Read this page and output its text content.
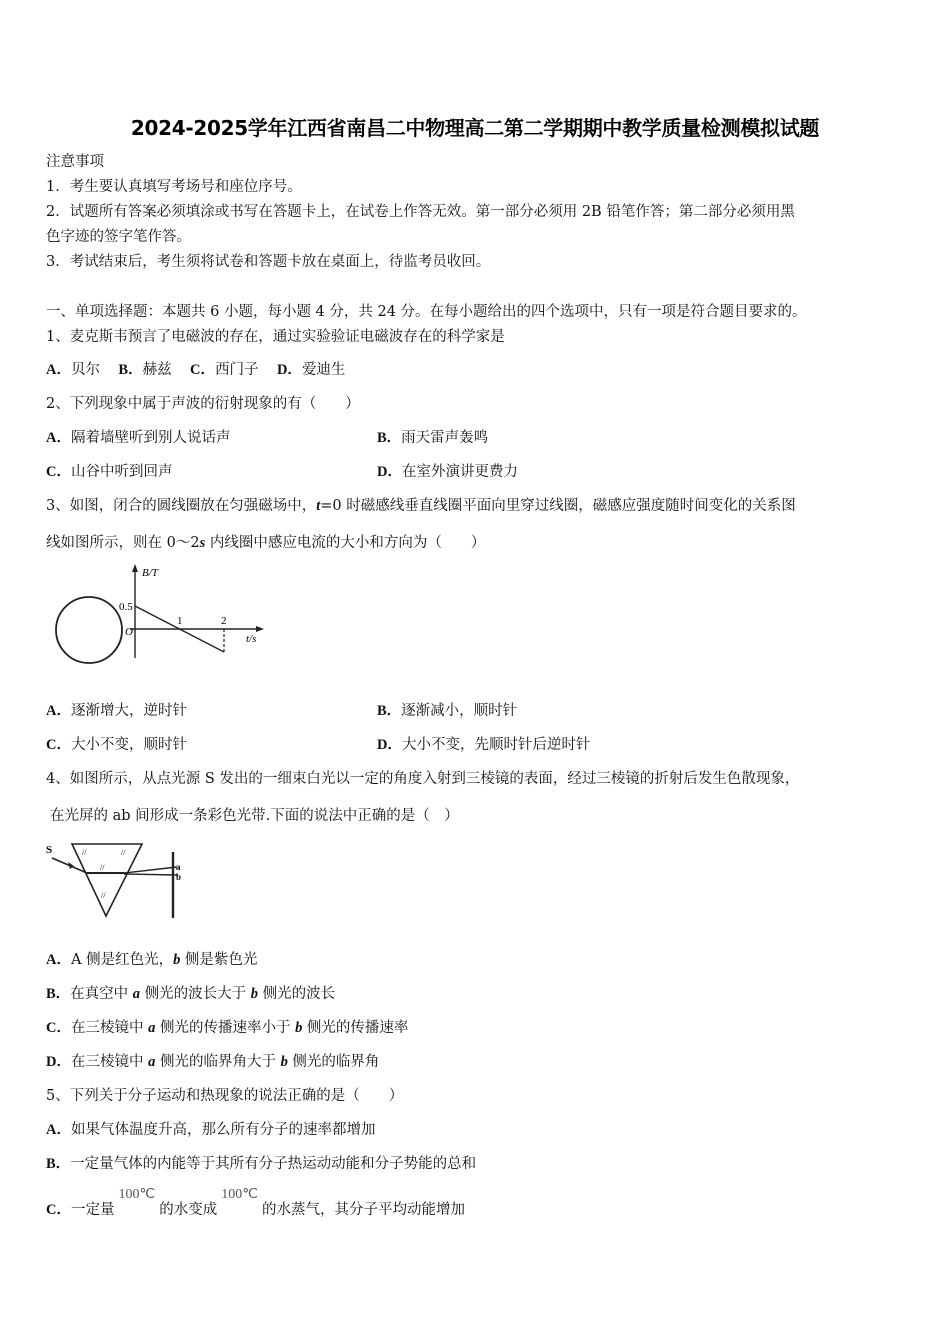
2024-2025学年江西省南昌二中物理高二第二学期期中教学质量检测模拟试题
注意事项
1．考生要认真填写考场号和座位序号。
2．试题所有答案必须填涂或书写在答题卡上，在试卷上作答无效。第一部分必须用 2B 铅笔作答；第二部分必须用黑
色字迹的签字笔作答。
3．考试结束后，考生须将试卷和答题卡放在桌面上，待监考员收回。
一、单项选择题：本题共 6 小题，每小题 4 分，共 24 分。在每小题给出的四个选项中，只有一项是符合题目要求的。
1、麦克斯韦预言了电磁波的存在，通过实验验证电磁波存在的科学家是
A．贝尔 B．赫兹 C．西门子 D．爱迪生
2、下列现象中属于声波的衍射现象的有（　　）
A．隔着墙壁听到别人说话声	B．雨天雷声轰鸣
C．山谷中听到回声	D．在室外演讲更费力
3、如图，闭合的圆线圈放在匀强磁场中，t=0 时磁感线垂直线圈平面向里穿过线圈，磁感应强度随时间变化的关系图
线如图所示，则在 0～2s 内线圈中感应电流的大小和方向为（　　）
B/T
0.5
O
1	2
t/s
A．逐渐增大，逆时针	B．逐渐减小，顺时针
C．大小不变，顺时针	D．大小不变，先顺时针后逆时针
4、如图所示，从点光源 S 发出的一细束白光以一定的角度入射到三棱镜的表面，经过三棱镜的折射后发生色散现象，
在光屏的 ab 间形成一条彩色光带.下面的说法中正确的是（　）
S
a
b
//	//
//
//
A．A 侧是红色光，b 侧是紫色光
B．在真空中 a 侧光的波长大于 b 侧光的波长
C．在三棱镜中 a 侧光的传播速率小于 b 侧光的传播速率
D．在三棱镜中 a 侧光的临界角大于 b 侧光的临界角
5、下列关于分子运动和热现象的说法正确的是（　　）
A．如果气体温度升高，那么所有分子的速率都增加
B．一定量气体的内能等于其所有分子热运动动能和分子势能的总和
C．一定量100℃的水变成100℃的水蒸气，其分子平均动能增加
